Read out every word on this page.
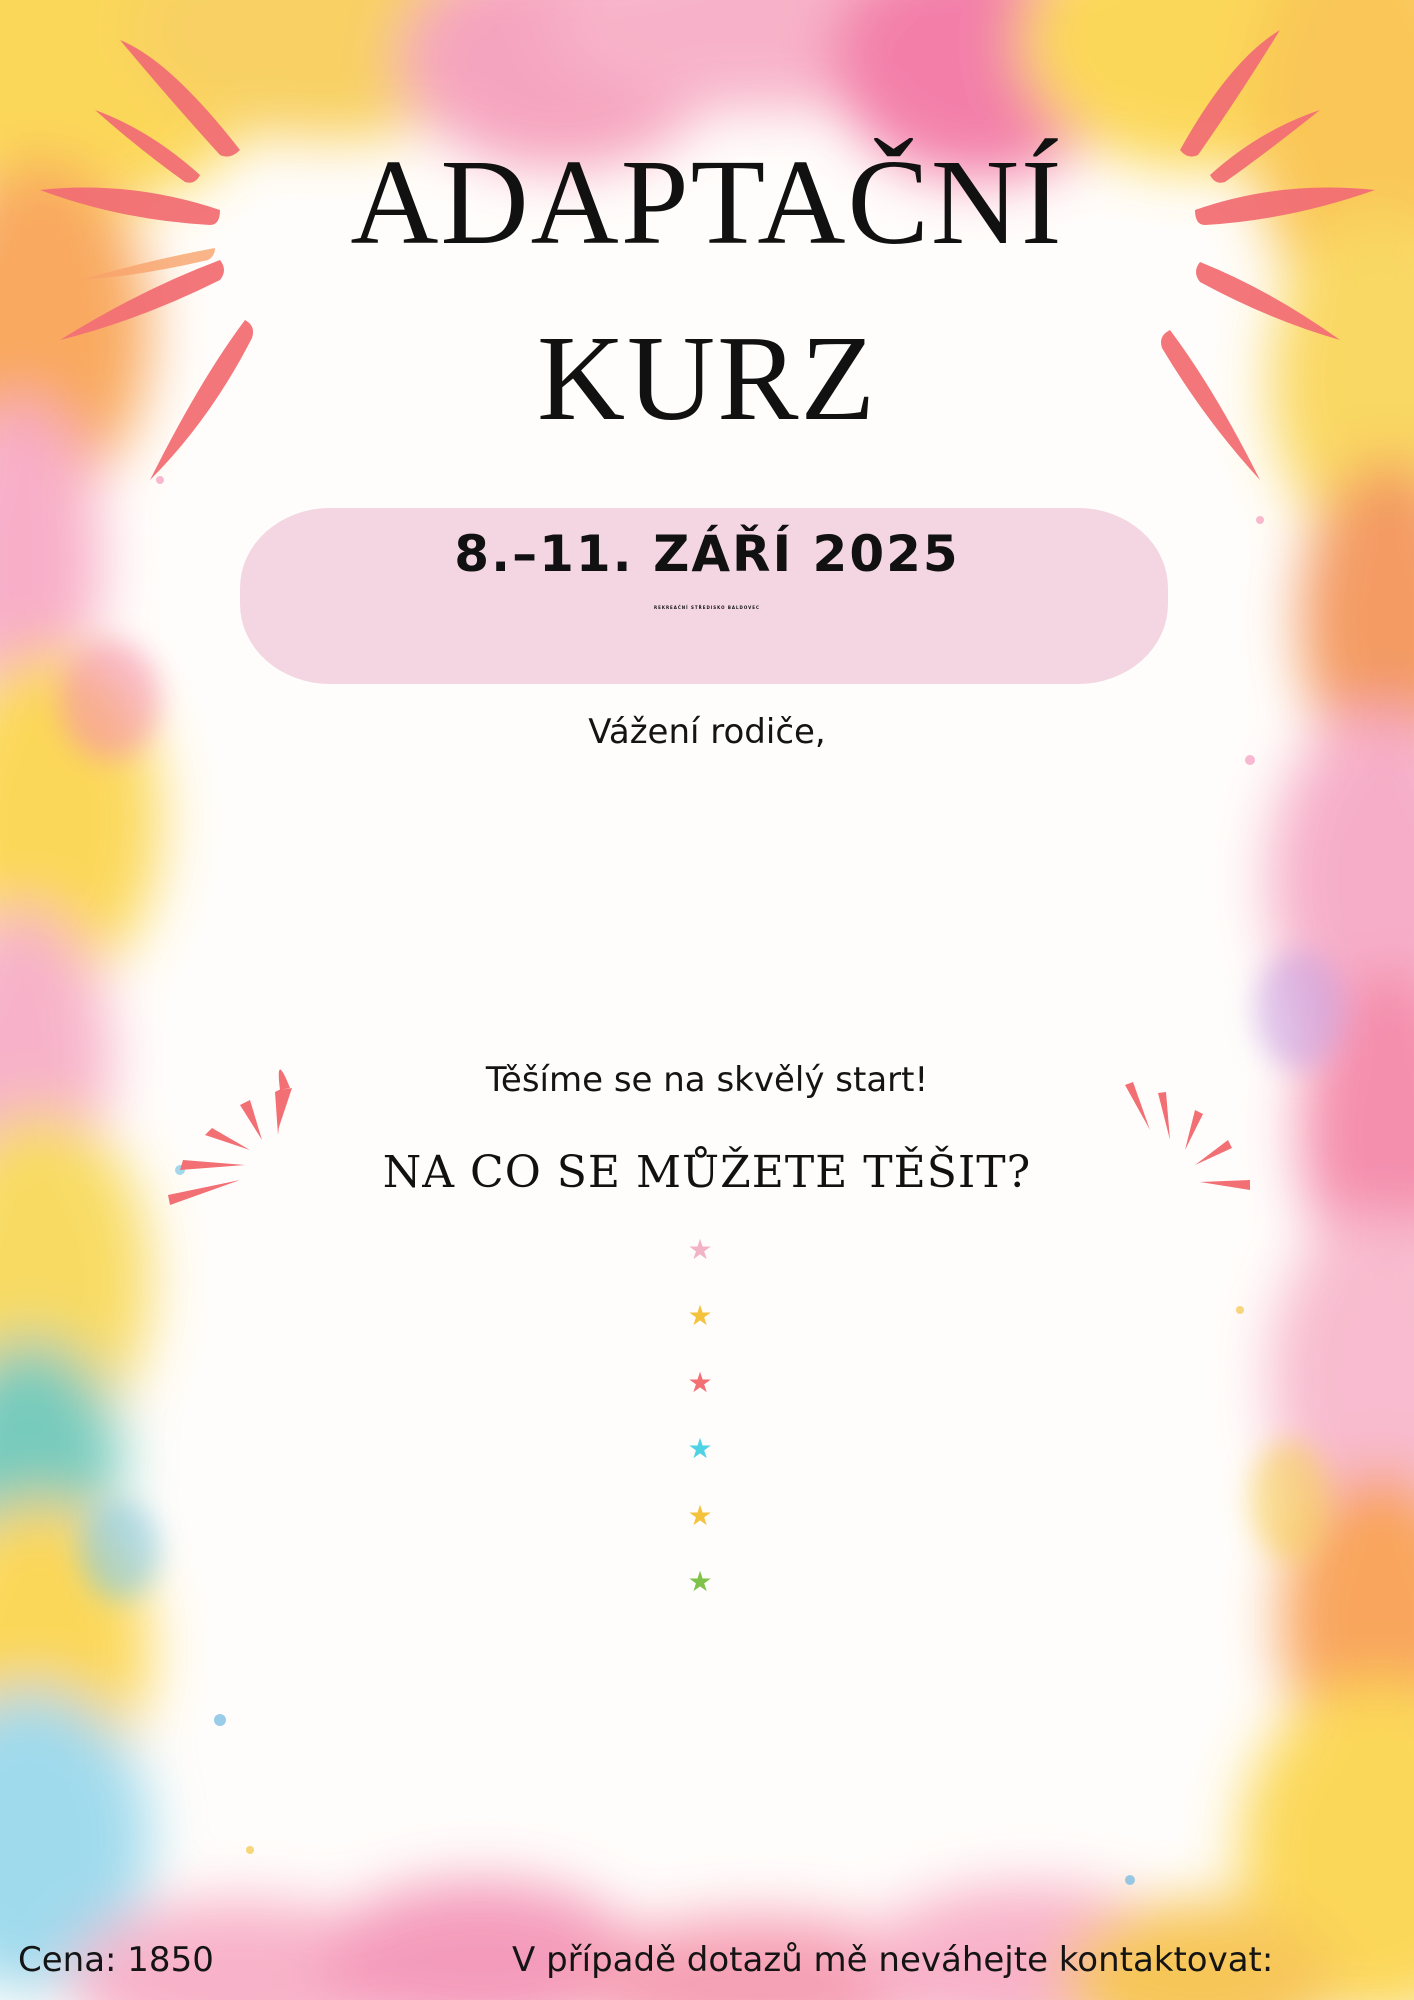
ADAPTAČNÍ
KURZ
8.–11. ZÁŘÍ 2025
REKREAČNÍ STŘEDISKO BALDOVEC
Vážení rodiče,
Těšíme se na skvělý start!
NA CO SE MŮŽETE TĚŠIT?
★
★
★
★
★
★
Cena: 1850	V případě dotazů mě neváhejte kontaktovat:
